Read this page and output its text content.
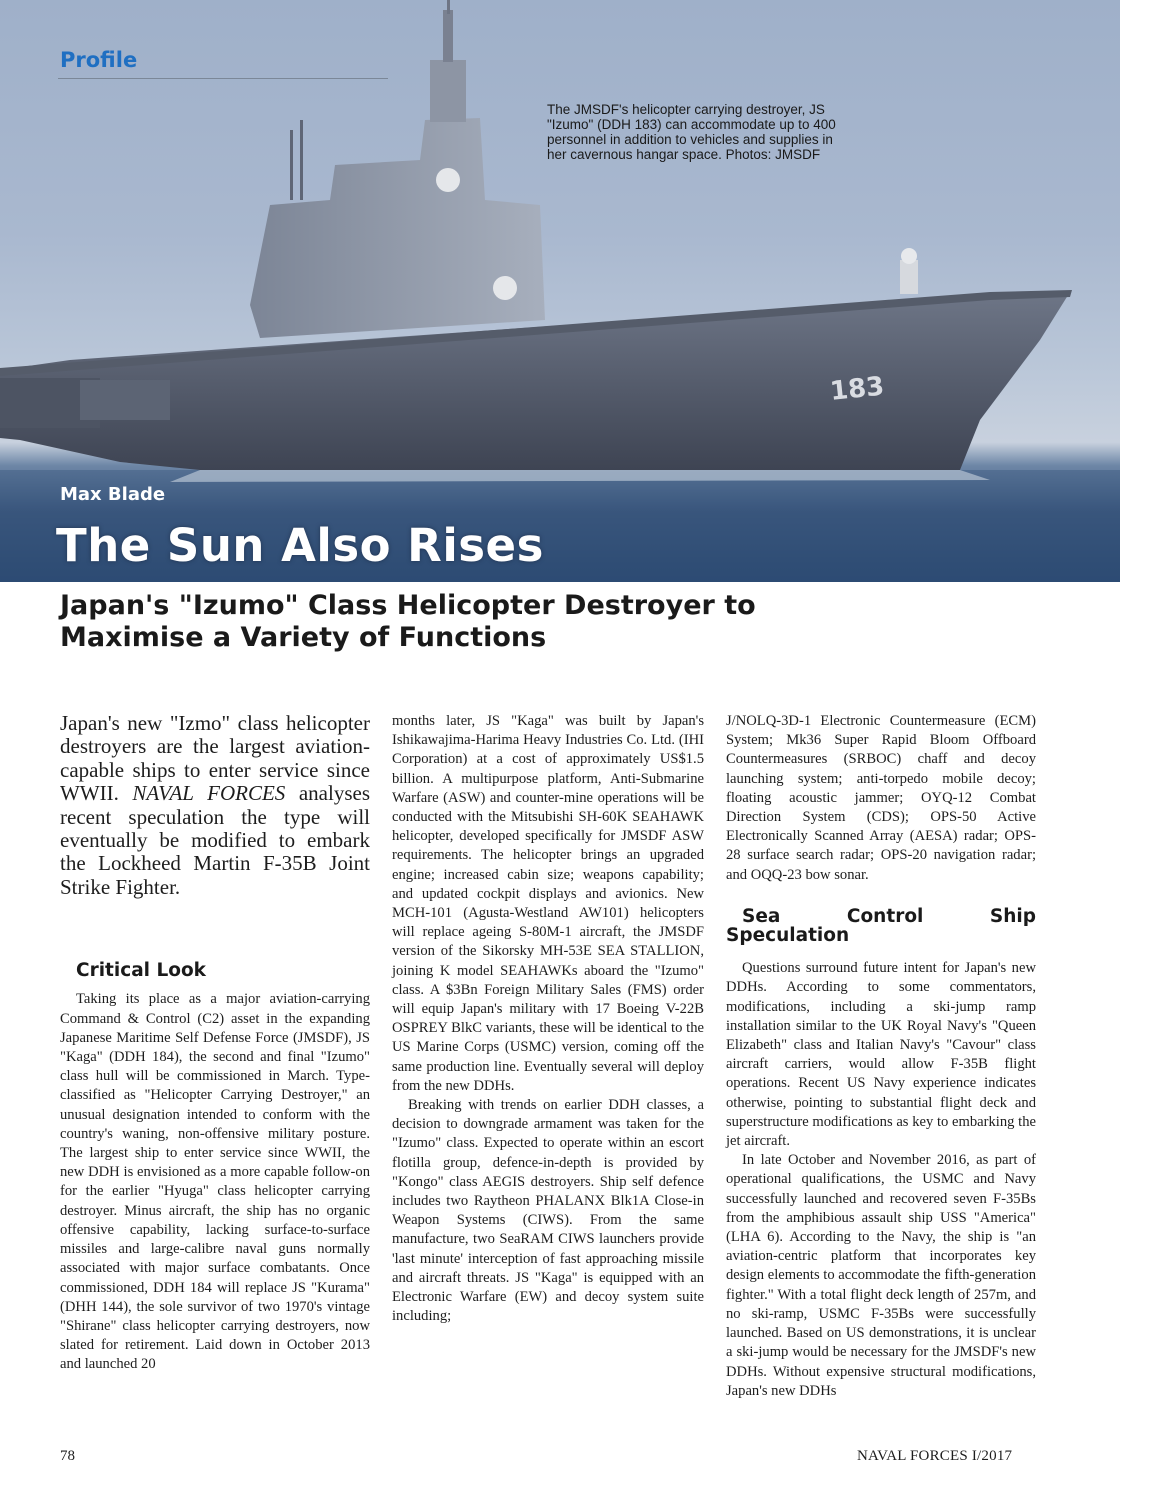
183
Profile
The JMSDF's helicopter carrying destroyer, JS "Izumo" (DDH 183) can accommodate up to 400 personnel in addition to vehicles and supplies in her cavernous hangar space. Photos: JMSDF
Max Blade
The Sun Also Rises
Japan's "Izumo" Class Helicopter Destroyer to Maximise a Variety of Functions

Japan's new "Izmo" class helicopter destroyers are the largest aviation-capable ships to enter service since WWII. NAVAL FORCES analyses recent speculation the type will eventually be modified to embark the Lockheed Martin F-35B Joint Strike Fighter.

Critical Look

Taking its place as a major aviation-carrying Command & Control (C2) asset in the expanding Japanese Maritime Self Defense Force (JMSDF), JS "Kaga" (DDH 184), the second and final "Izumo" class hull will be commissioned in March. Type-classified as "Helicopter Carrying Destroyer," an unusual designation intended to conform with the country's waning, non-offensive military posture. The largest ship to enter service since WWII, the new DDH is envisioned as a more capable follow-on for the earlier "Hyuga" class helicopter carrying destroyer. Minus aircraft, the ship has no organic offensive capability, lacking surface-to-surface missiles and large-calibre naval guns normally associated with major surface combatants. Once commissioned, DDH 184 will replace JS "Kurama" (DHH 144), the sole survivor of two 1970's vintage "Shirane" class helicopter carrying destroyers, now slated for retirement. Laid down in October 2013 and launched 20

months later, JS "Kaga" was built by Japan's Ishikawajima-Harima Heavy Industries Co. Ltd. (IHI Corporation) at a cost of approximately US$1.5 billion. A multipurpose platform, Anti-Submarine Warfare (ASW) and counter-mine operations will be conducted with the Mitsubishi SH-60K SEAHAWK helicopter, developed specifically for JMSDF ASW requirements. The helicopter brings an upgraded engine; increased cabin size; weapons capability; and updated cockpit displays and avionics. New MCH-101 (Agusta-Westland AW101) helicopters will replace ageing S-80M-1 aircraft, the JMSDF version of the Sikorsky MH-53E SEA STALLION, joining K model SEAHAWKs aboard the "Izumo" class. A $3Bn Foreign Military Sales (FMS) order will equip Japan's military with 17 Boeing V-22B OSPREY BlkC variants, these will be identical to the US Marine Corps (USMC) version, coming off the same production line. Eventually several will deploy from the new DDHs.

Breaking with trends on earlier DDH classes, a decision to downgrade armament was taken for the "Izumo" class. Expected to operate within an escort flotilla group, defence-in-depth is provided by "Kongo" class AEGIS destroyers. Ship self defence includes two Raytheon PHALANX Blk1A Close-in Weapon Systems (CIWS). From the same manufacture, two SeaRAM CIWS launchers provide 'last minute' interception of fast approaching missile and aircraft threats. JS "Kaga" is equipped with an Electronic Warfare (EW) and decoy system suite including;

J/NOLQ-3D-1 Electronic Countermeasure (ECM) System; Mk36 Super Rapid Bloom Offboard Countermeasures (SRBOC) chaff and decoy launching system; anti-torpedo mobile decoy; floating acoustic jammer; OYQ-12 Combat Direction System (CDS); OPS-50 Active Electronically Scanned Array (AESA) radar; OPS-28 surface search radar; OPS-20 navigation radar; and OQQ-23 bow sonar.

Sea Control Ship Speculation

Questions surround future intent for Japan's new DDHs. According to some commentators, modifications, including a ski-jump ramp installation similar to the UK Royal Navy's "Queen Elizabeth" class and Italian Navy's "Cavour" class aircraft carriers, would allow F-35B flight operations. Recent US Navy experience indicates otherwise, pointing to substantial flight deck and superstructure modifications as key to embarking the jet aircraft.

In late October and November 2016, as part of operational qualifications, the USMC and Navy successfully launched and recovered seven F-35Bs from the amphibious assault ship USS "America" (LHA 6). According to the Navy, the ship is "an aviation-centric platform that incorporates key design elements to accommodate the fifth-generation fighter." With a total flight deck length of 257m, and no ski-ramp, USMC F-35Bs were successfully launched. Based on US demonstrations, it is unclear a ski-jump would be necessary for the JMSDF's new DDHs. Without expensive structural modifications, Japan's new DDHs

78	NAVAL FORCES I/2017
